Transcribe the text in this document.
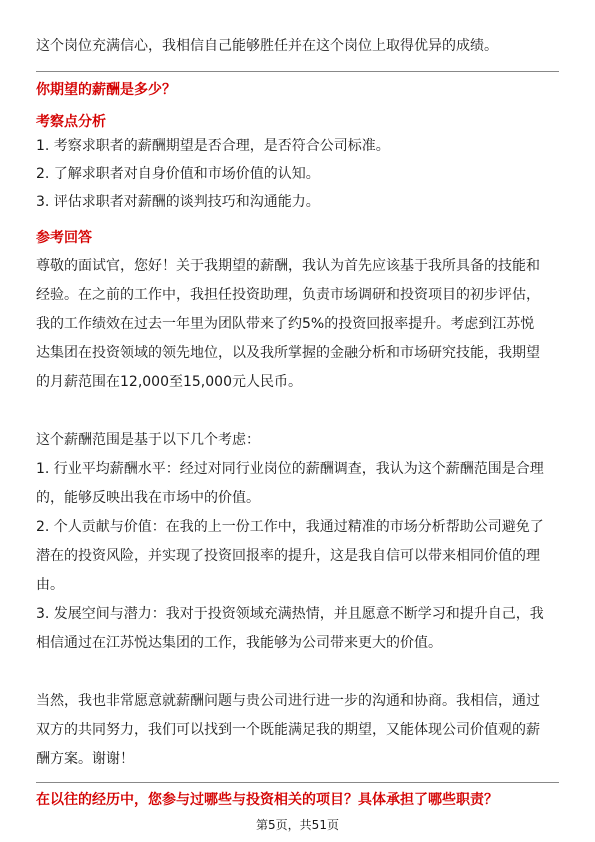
这个岗位充满信心，我相信自己能够胜任并在这个岗位上取得优异的成绩。
你期望的薪酬是多少？
考察点分析
1. 考察求职者的薪酬期望是否合理，是否符合公司标准。
2. 了解求职者对自身价值和市场价值的认知。
3. 评估求职者对薪酬的谈判技巧和沟通能力。
参考回答
尊敬的面试官，您好！关于我期望的薪酬，我认为首先应该基于我所具备的技能和
经验。在之前的工作中，我担任投资助理，负责市场调研和投资项目的初步评估，
我的工作绩效在过去一年里为团队带来了约5%的投资回报率提升。考虑到江苏悦
达集团在投资领域的领先地位，以及我所掌握的金融分析和市场研究技能，我期望
的月薪范围在12,000至15,000元人民币。
这个薪酬范围是基于以下几个考虑：
1. 行业平均薪酬水平：经过对同行业岗位的薪酬调查，我认为这个薪酬范围是合理
的，能够反映出我在市场中的价值。
2. 个人贡献与价值：在我的上一份工作中，我通过精准的市场分析帮助公司避免了
潜在的投资风险，并实现了投资回报率的提升，这是我自信可以带来相同价值的理
由。
3. 发展空间与潜力：我对于投资领域充满热情，并且愿意不断学习和提升自己，我
相信通过在江苏悦达集团的工作，我能够为公司带来更大的价值。
当然，我也非常愿意就薪酬问题与贵公司进行进一步的沟通和协商。我相信，通过
双方的共同努力，我们可以找到一个既能满足我的期望，又能体现公司价值观的薪
酬方案。谢谢！
在以往的经历中，您参与过哪些与投资相关的项目？具体承担了哪些职责？
第5页，共51页
